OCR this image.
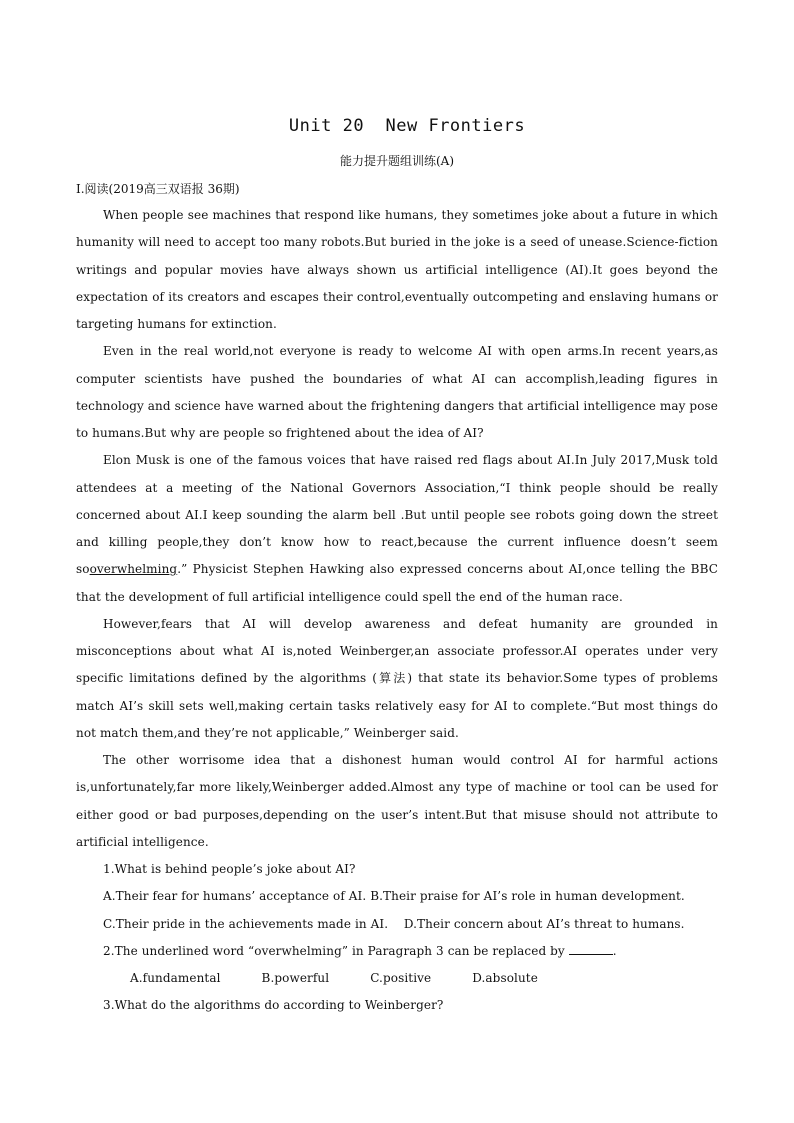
Unit 20  New Frontiers
能力提升题组训练(A)
Ⅰ.阅读(2019高三双语报 36期)

When people see machines that respond like humans, they sometimes joke about a future in which humanity will need to accept too many robots.But buried in the joke is a seed of unease.Science-fiction writings and popular movies have always shown us artificial intelligence (AI).It goes beyond the expectation of its creators and escapes their control,eventually outcompeting and enslaving humans or targeting humans for extinction.

Even in the real world,not everyone is ready to welcome AI with open arms.In recent years,as computer scientists have pushed the boundaries of what AI can accomplish,leading figures in technology and science have warned about the frightening dangers that artificial intelligence may pose to humans.But why are people so frightened about the idea of AI?

Elon Musk is one of the famous voices that have raised red flags about AI.In July 2017,Musk told attendees at a meeting of the National Governors Association,“I think people should be really concerned about AI.I keep sounding the alarm bell .But until people see robots going down the street and killing people,they don’t know how to react,because the current influence doesn’t seem sooverwhelming.” Physicist Stephen Hawking also expressed concerns about AI,once telling the BBC that the development of full artificial intelligence could spell the end of the human race.

However,fears that AI will develop awareness and defeat humanity are grounded in misconceptions about what AI is,noted Weinberger,an associate professor.AI operates under very specific limitations defined by the algorithms (算法) that state its behavior.Some types of problems match AI’s skill sets well,making certain tasks relatively easy for AI to complete.“But most things do not match them,and they’re not applicable,” Weinberger said.

The other worrisome idea that a dishonest human would control AI for harmful actions is,unfortunately,far more likely,Weinberger added.Almost any type of machine or tool can be used for either good or bad purposes,depending on the user’s intent.But that misuse should not attribute to artificial intelligence.

1.What is behind people’s joke about AI?

A.Their fear for humans’ acceptance of AI. B.Their praise for AI’s role in human development.

C.Their pride in the achievements made in AI. D.Their concern about AI’s threat to humans.

2.The underlined word “overwhelming” in Paragraph 3 can be replaced by	.

A.fundamental	B.powerful	C.positive	D.absolute

3.What do the algorithms do according to Weinberger?
